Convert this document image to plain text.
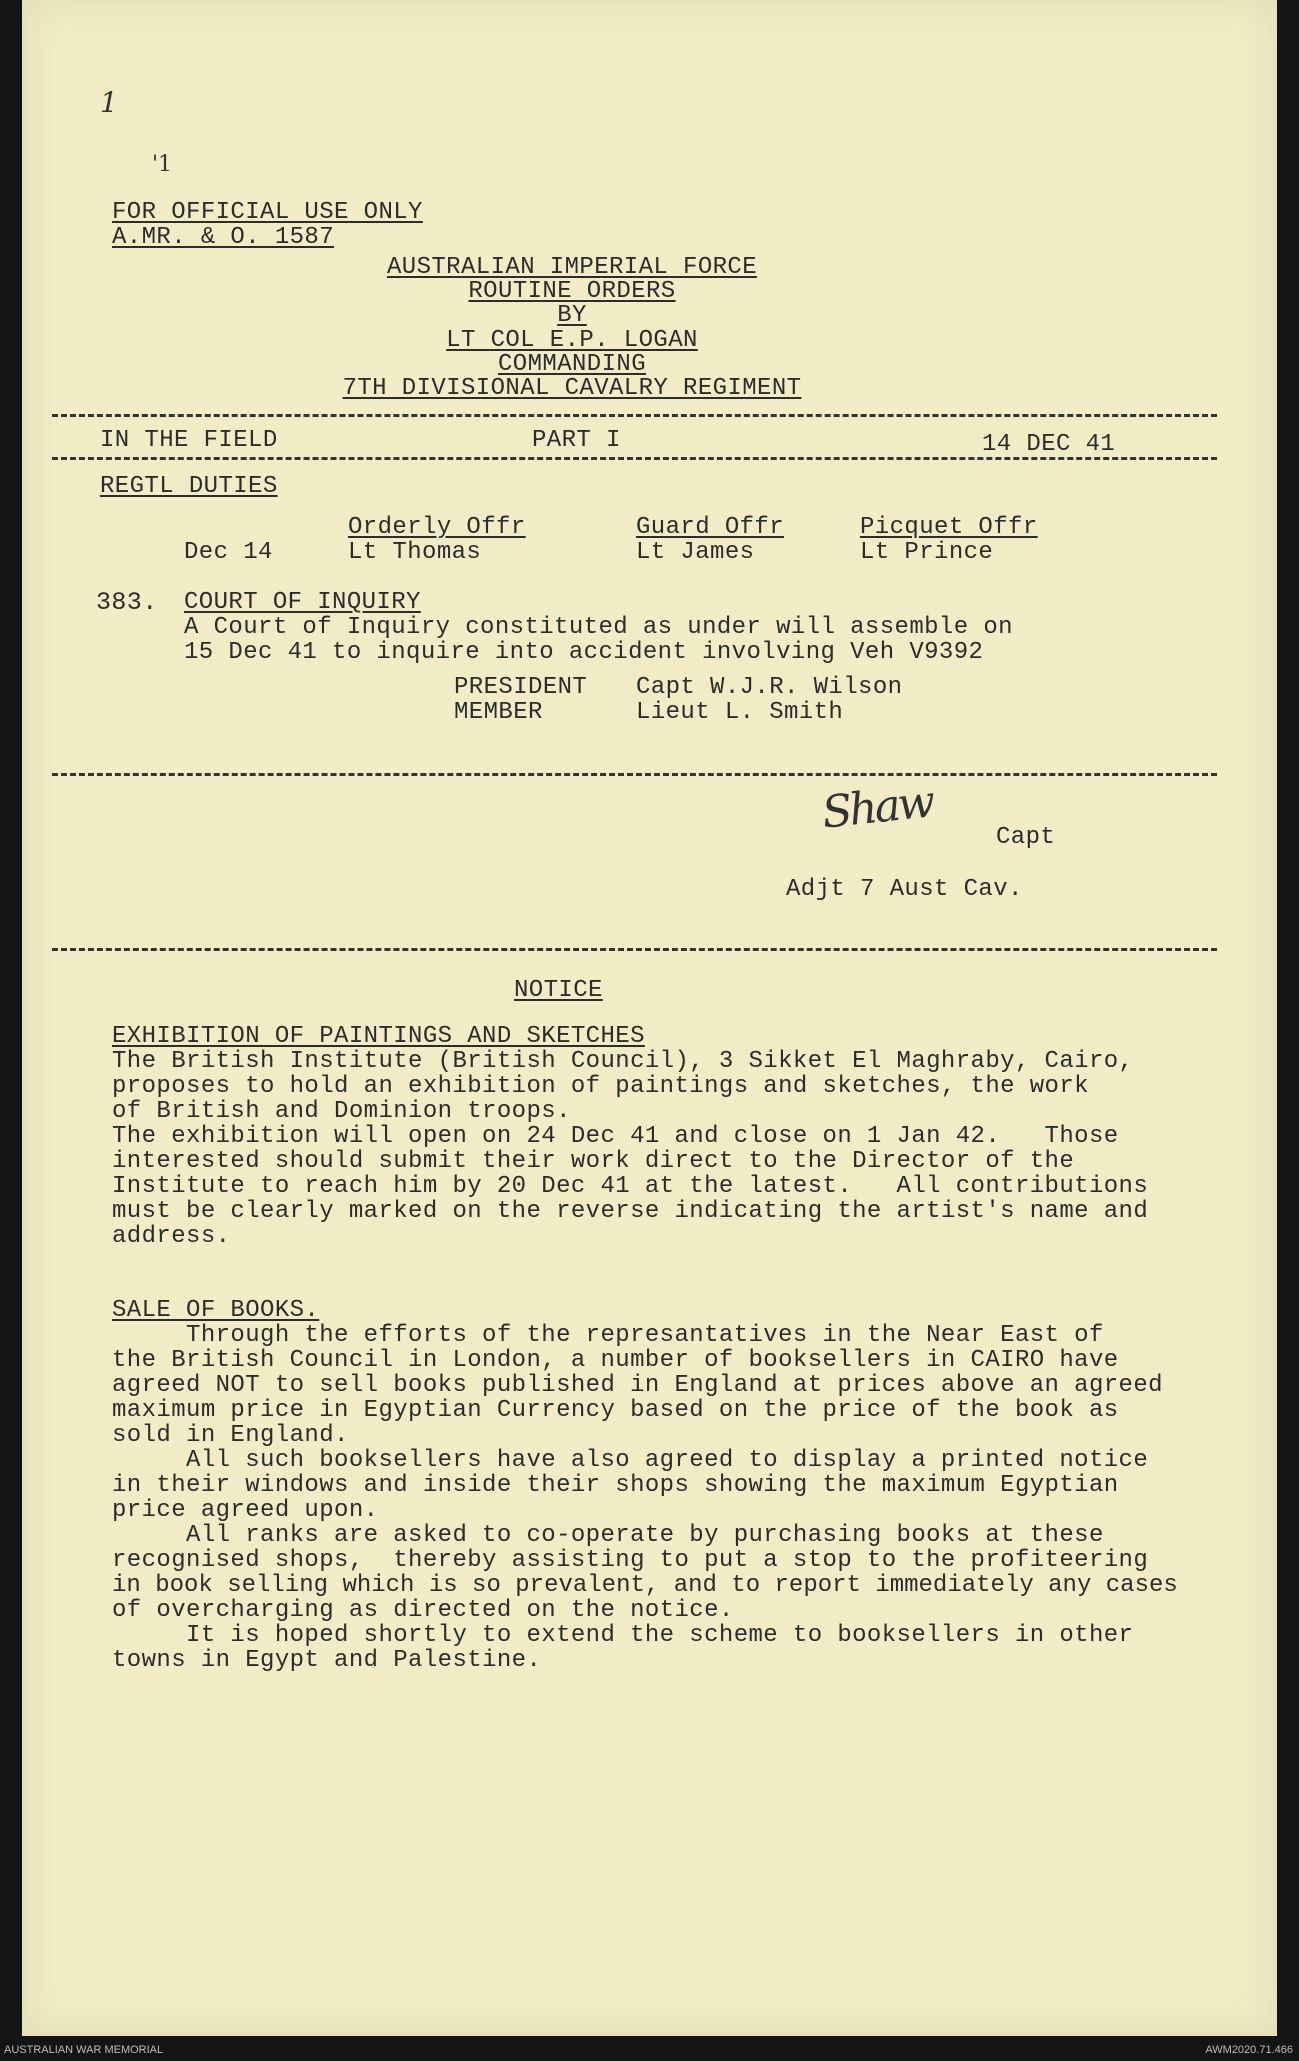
1
'1
FOR OFFICIAL USE ONLY
A.MR. & O. 1587
AUSTRALIAN IMPERIAL FORCE
ROUTINE ORDERS
BY
LT COL E.P. LOGAN
COMMANDING
7TH DIVISIONAL CAVALRY REGIMENT
IN THE FIELD	PART I	14 DEC 41
REGTL DUTIES
Orderly Offr	Guard Offr	Picquet Offr
Dec 14	Lt Thomas	Lt James	Lt Prince
383. COURT OF INQUIRY
A Court of Inquiry constituted as under will assemble on
15 Dec 41 to inquire into accident involving Veh V9392
PRESIDENT Capt W.J.R. Wilson
MEMBER	Lieut L. Smith
Shaw	Capt
Adjt 7 Aust Cav.
NOTICE
EXHIBITION OF PAINTINGS AND SKETCHES
The British Institute (British Council), 3 Sikket El Maghraby, Cairo,
proposes to hold an exhibition of paintings and sketches, the work
of British and Dominion troops.
The exhibition will open on 24 Dec 41 and close on 1 Jan 42.   Those
interested should submit their work direct to the Director of the
Institute to reach him by 20 Dec 41 at the latest.   All contributions
must be clearly marked on the reverse indicating the artist's name and
address.
SALE OF BOOKS.
Through the efforts of the represantatives in the Near East of
the British Council in London, a number of booksellers in CAIRO have
agreed NOT to sell books published in England at prices above an agreed
maximum price in Egyptian Currency based on the price of the book as
sold in England.
All such booksellers have also agreed to display a printed notice
in their windows and inside their shops showing the maximum Egyptian
price agreed upon.
All ranks are asked to co-operate by purchasing books at these
recognised shops,  thereby assisting to put a stop to the profiteering
in book selling which is so prevalent, and to report immediately any cases
of overcharging as directed on the notice.
It is hoped shortly to extend the scheme to booksellers in other
towns in Egypt and Palestine.
AUSTRALIAN WAR MEMORIAL	AWM2020.71.466
